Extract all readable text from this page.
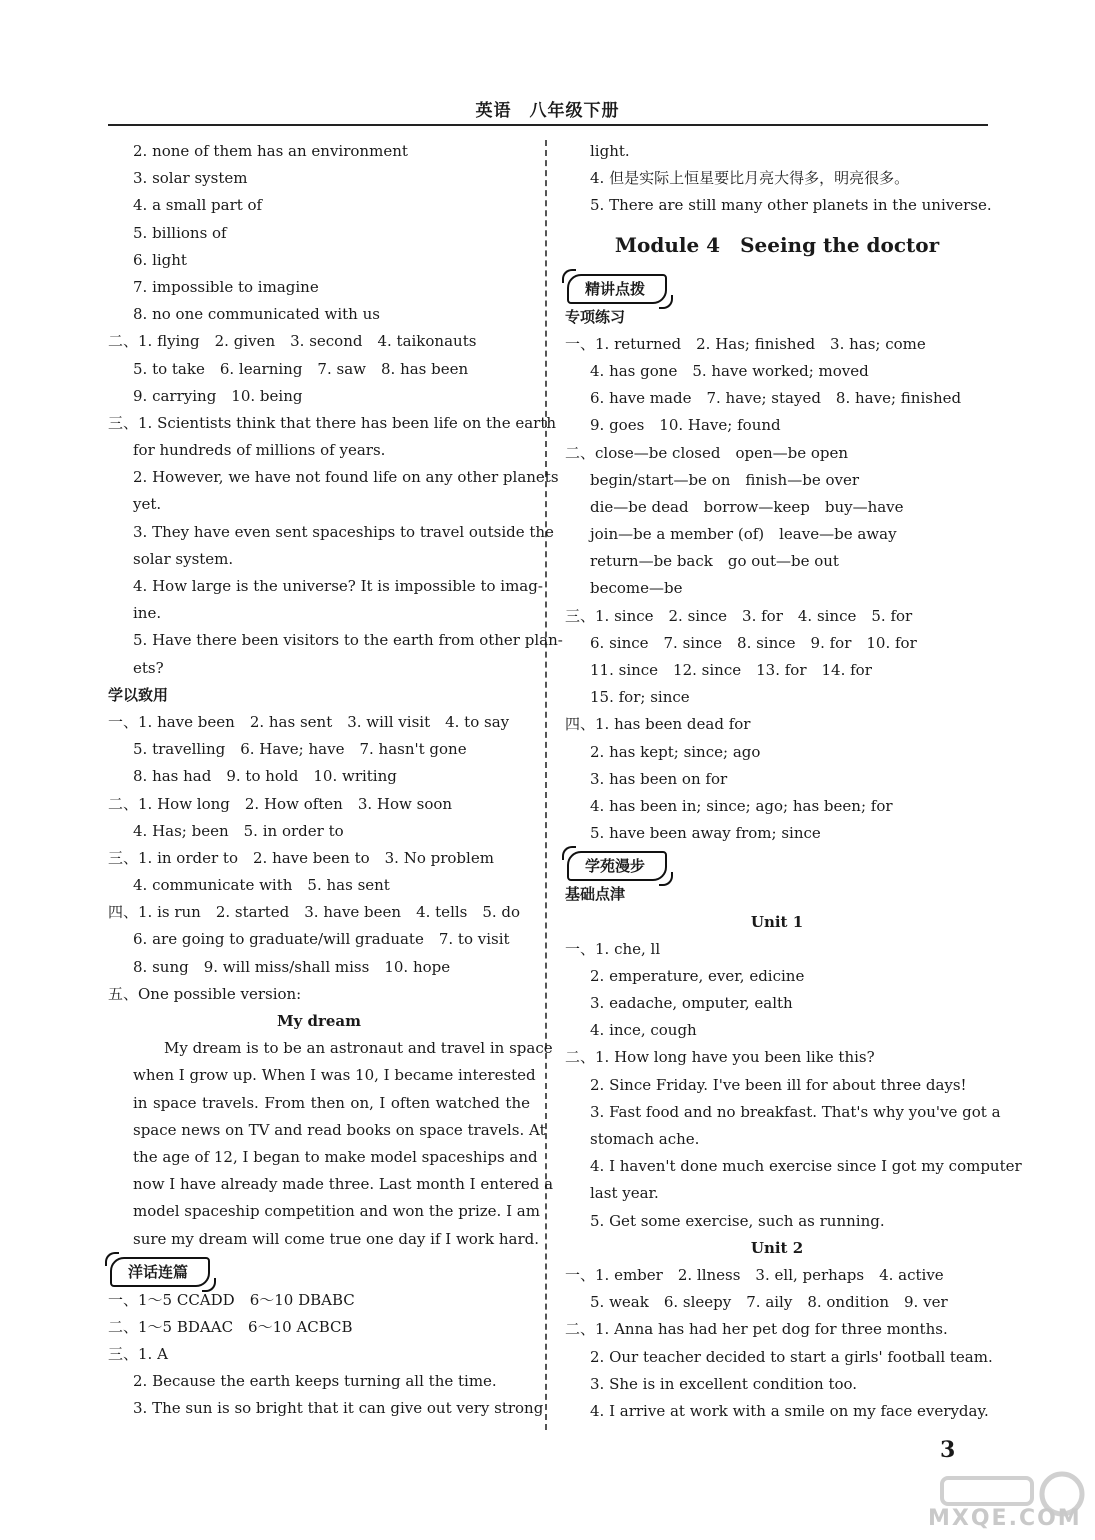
英语　八年级下册
2. none of them has an environment
3. solar system
4. a small part of
5. billions of
6. light
7. impossible to imagine
8. no one communicated with us
二、1. flying　2. given　3. second　4. taikonauts
5. to take　6. learning　7. saw　8. has been
9. carrying　10. being
三、1. Scientists think that there has been life on the earth
for hundreds of millions of years.
2. However, we have not found life on any other planets
yet.
3. They have even sent spaceships to travel outside the
solar system.
4. How large is the universe? It is impossible to imag-
ine.
5. Have there been visitors to the earth from other plan-
ets?
学以致用
一、1. have been　2. has sent　3. will visit　4. to say
5. travelling　6. Have; have　7. hasn't gone
8. has had　9. to hold　10. writing
二、1. How long　2. How often　3. How soon
4. Has; been　5. in order to
三、1. in order to　2. have been to　3. No problem
4. communicate with　5. has sent
四、1. is run　2. started　3. have been　4. tells　5. do
6. are going to graduate/will graduate　7. to visit
8. sung　9. will miss/shall miss　10. hope
五、One possible version:
My dream
My dream is to be an astronaut and travel in space
when I grow up. When I was 10, I became interested
in space travels. From then on, I often watched the
space news on TV and read books on space travels. At
the age of 12, I began to make model spaceships and
now I have already made three. Last month I entered a
model spaceship competition and won the prize. I am
sure my dream will come true one day if I work hard.
洋话连篇
一、1～5 CCADD　6～10 DBABC
二、1～5 BDAAC　6～10 ACBCB
三、1. A
2. Because the earth keeps turning all the time.
3. The sun is so bright that it can give out very strong
light.
4. 但是实际上恒星要比月亮大得多，明亮很多。
5. There are still many other planets in the universe.
Module 4　Seeing the doctor
精讲点拨
专项练习
一、1. returned　2. Has; finished　3. has; come
4. has gone　5. have worked; moved
6. have made　7. have; stayed　8. have; finished
9. goes　10. Have; found
二、close—be closed　open—be open
begin/start—be on　finish—be over
die—be dead　borrow—keep　buy—have
join—be a member (of)　leave—be away
return—be back　go out—be out
become—be
三、1. since　2. since　3. for　4. since　5. for
6. since　7. since　8. since　9. for　10. for
11. since　12. since　13. for　14. for
15. for; since
四、1. has been dead for
2. has kept; since; ago
3. has been on for
4. has been in; since; ago; has been; for
5. have been away from; since
学苑漫步
基础点津
Unit 1
一、1. che, ll
2. emperature, ever, edicine
3. eadache, omputer, ealth
4. ince, cough
二、1. How long have you been like this?
2. Since Friday. I've been ill for about three days!
3. Fast food and no breakfast. That's why you've got a
stomach ache.
4. I haven't done much exercise since I got my computer
last year.
5. Get some exercise, such as running.
Unit 2
一、1. ember　2. llness　3. ell, perhaps　4. active
5. weak　6. sleepy　7. aily　8. ondition　9. ver
二、1. Anna has had her pet dog for three months.
2. Our teacher decided to start a girls' football team.
3. She is in excellent condition too.
4. I arrive at work with a smile on my face everyday.
3
MXQE.COM
